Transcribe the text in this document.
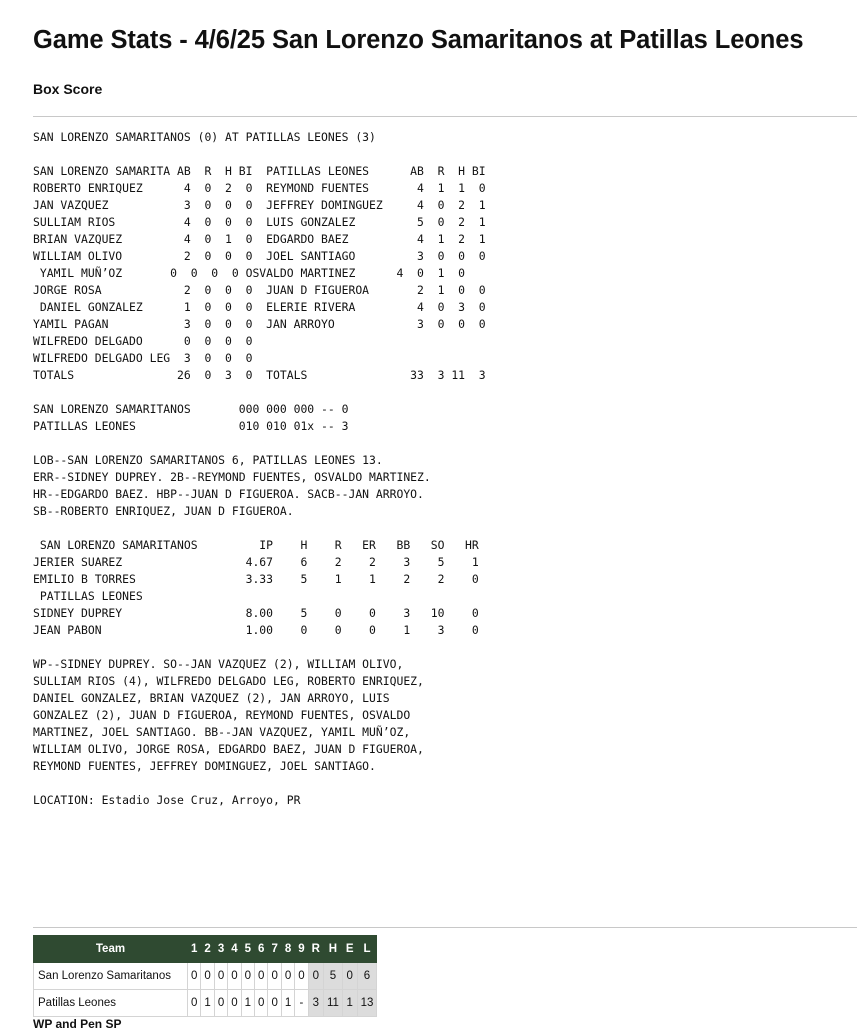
Game Stats - 4/6/25 San Lorenzo Samaritanos at Patillas Leones
Box Score
SAN LORENZO SAMARITANOS (0) AT PATILLAS LEONES (3)
SAN LORENZO SAMARITA AB  R  H BI  PATILLAS LEONES      AB  R  H BI
ROBERTO ENRIQUEZ      4  0  2  0  REYMOND FUENTES       4  1  1  0
JAN VAZQUEZ           3  0  0  0  JEFFREY DOMINGUEZ     4  0  2  1
SULLIAM RIOS          4  0  0  0  LUIS GONZALEZ         5  0  2  1
BRIAN VAZQUEZ         4  0  1  0  EDGARDO BAEZ          4  1  2  1
WILLIAM OLIVO         2  0  0  0  JOEL SANTIAGO         3  0  0  0
YAMIL MUÑ’OZ       0  0  0  0 OSVALDO MARTINEZ      4  0  1  0
JORGE ROSA            2  0  0  0  JUAN D FIGUEROA       2  1  0  0
DANIEL GONZALEZ      1  0  0  0  ELERIE RIVERA         4  0  3  0
YAMIL PAGAN           3  0  0  0  JAN ARROYO            3  0  0  0
WILFREDO DELGADO      0  0  0  0
WILFREDO DELGADO LEG  3  0  0  0
TOTALS               26  0  3  0  TOTALS               33  3 11  3
SAN LORENZO SAMARITANOS       000 000 000 -- 0
PATILLAS LEONES               010 010 01x -- 3
LOB--SAN LORENZO SAMARITANOS 6, PATILLAS LEONES 13.
ERR--SIDNEY DUPREY. 2B--REYMOND FUENTES, OSVALDO MARTINEZ.
HR--EDGARDO BAEZ. HBP--JUAN D FIGUEROA. SACB--JAN ARROYO.
SB--ROBERTO ENRIQUEZ, JUAN D FIGUEROA.
SAN LORENZO SAMARITANOS         IP    H    R   ER   BB   SO   HR
JERIER SUAREZ                  4.67    6    2    2    3    5    1
EMILIO B TORRES                3.33    5    1    1    2    2    0
PATILLAS LEONES
SIDNEY DUPREY                  8.00    5    0    0    3   10    0
JEAN PABON                     1.00    0    0    0    1    3    0
WP--SIDNEY DUPREY. SO--JAN VAZQUEZ (2), WILLIAM OLIVO,
SULLIAM RIOS (4), WILFREDO DELGADO LEG, ROBERTO ENRIQUEZ,
DANIEL GONZALEZ, BRIAN VAZQUEZ (2), JAN ARROYO, LUIS
GONZALEZ (2), JUAN D FIGUEROA, REYMOND FUENTES, OSVALDO
MARTINEZ, JOEL SANTIAGO. BB--JAN VAZQUEZ, YAMIL MUÑ’OZ,
WILLIAM OLIVO, JORGE ROSA, EDGARDO BAEZ, JUAN D FIGUEROA,
REYMOND FUENTES, JEFFREY DOMINGUEZ, JOEL SANTIAGO.
LOCATION: Estadio Jose Cruz, Arroyo, PR
Team	1	2	3	4	5	6	7	8	9	R	H	E	L
San Lorenzo Samaritanos	0	0	0	0	0	0	0	0	0	0	5	0	6
Patillas Leones	0	1	0	0	1	0	0	1	-	3	11	1	13
WP and Pen SP
